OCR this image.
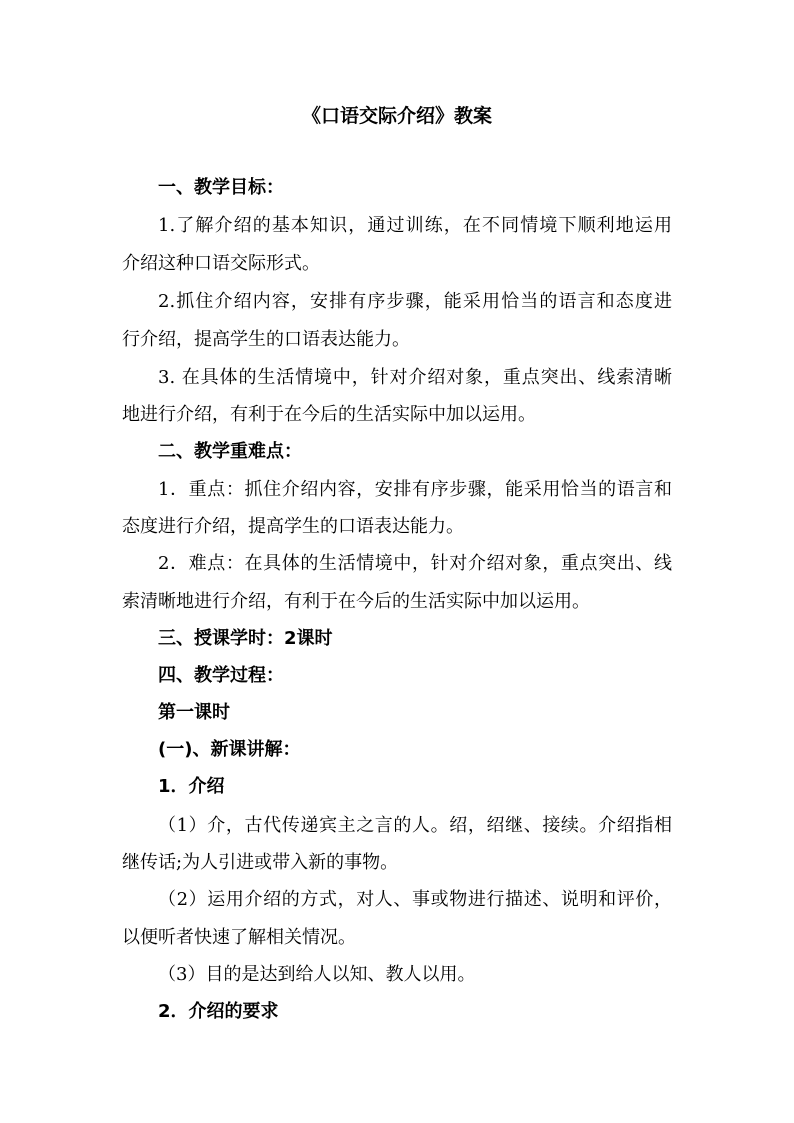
《口语交际介绍》教案
一、教学目标：
1.了解介绍的基本知识，通过训练，在不同情境下顺利地运用
介绍这种口语交际形式。
2.抓住介绍内容，安排有序步骤，能采用恰当的语言和态度进
行介绍，提高学生的口语表达能力。
3. 在具体的生活情境中，针对介绍对象，重点突出、线索清晰
地进行介绍，有利于在今后的生活实际中加以运用。
二、教学重难点：
1．重点：抓住介绍内容，安排有序步骤，能采用恰当的语言和
态度进行介绍，提高学生的口语表达能力。
2．难点：在具体的生活情境中，针对介绍对象，重点突出、线
索清晰地进行介绍，有利于在今后的生活实际中加以运用。
三、授课学时：2课时
四、教学过程：
第一课时
(一)、新课讲解：
1．介绍
（1）介，古代传递宾主之言的人。绍，绍继、接续。介绍指相
继传话;为人引进或带入新的事物。
（2）运用介绍的方式，对人、事或物进行描述、说明和评价，
以便听者快速了解相关情况。
（3）目的是达到给人以知、教人以用。
2．介绍的要求
